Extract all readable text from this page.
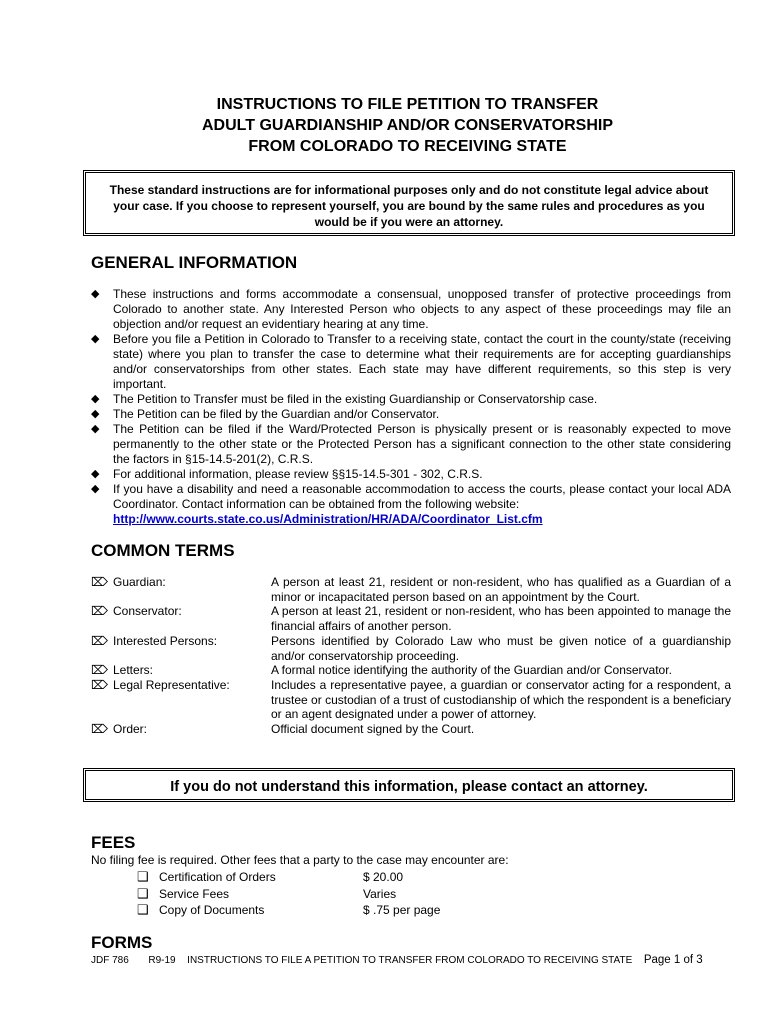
INSTRUCTIONS TO FILE PETITION TO TRANSFER
ADULT GUARDIANSHIP AND/OR CONSERVATORSHIP
FROM COLORADO TO RECEIVING STATE
These standard instructions are for informational purposes only and do not constitute legal advice about your case. If you choose to represent yourself, you are bound by the same rules and procedures as you would be if you were an attorney.
GENERAL INFORMATION
◆ These instructions and forms accommodate a consensual, unopposed transfer of protective proceedings from Colorado to another state. Any Interested Person who objects to any aspect of these proceedings may file an objection and/or request an evidentiary hearing at any time.
◆ Before you file a Petition in Colorado to Transfer to a receiving state, contact the court in the county/state (receiving state) where you plan to transfer the case to determine what their requirements are for accepting guardianships and/or conservatorships from other states. Each state may have different requirements, so this step is very important.
◆ The Petition to Transfer must be filed in the existing Guardianship or Conservatorship case.
◆ The Petition can be filed by the Guardian and/or Conservator.
◆ The Petition can be filed if the Ward/Protected Person is physically present or is reasonably expected to move permanently to the other state or the Protected Person has a significant connection to the other state considering the factors in §15-14.5-201(2), C.R.S.
◆ For additional information, please review §§15-14.5-301 - 302, C.R.S.
◆ If you have a disability and need a reasonable accommodation to access the courts, please contact your local ADA Coordinator. Contact information can be obtained from the following website:
http://www.courts.state.co.us/Administration/HR/ADA/Coordinator_List.cfm
COMMON TERMS
⌦ Guardian:	A person at least 21, resident or non-resident, who has qualified as a Guardian of a minor or incapacitated person based on an appointment by the Court.
⌦ Conservator:	A person at least 21, resident or non-resident, who has been appointed to manage the financial affairs of another person.
⌦ Interested Persons:	Persons identified by Colorado Law who must be given notice of a guardianship and/or conservatorship proceeding.
⌦ Letters:	A formal notice identifying the authority of the Guardian and/or Conservator.
⌦ Legal Representative:	Includes a representative payee, a guardian or conservator acting for a respondent, a trustee or custodian of a trust of custodianship of which the respondent is a beneficiary or an agent designated under a power of attorney.
⌦ Order:	Official document signed by the Court.
If you do not understand this information, please contact an attorney.
FEES
No filing fee is required. Other fees that a party to the case may encounter are:
❑ Certification of Orders	$ 20.00
❑ Service Fees	Varies
❑ Copy of Documents	$ .75 per page
FORMS
JDF 786 R9-19 INSTRUCTIONS TO FILE A PETITION TO TRANSFER FROM COLORADO TO RECEIVING STATE Page 1 of 3
